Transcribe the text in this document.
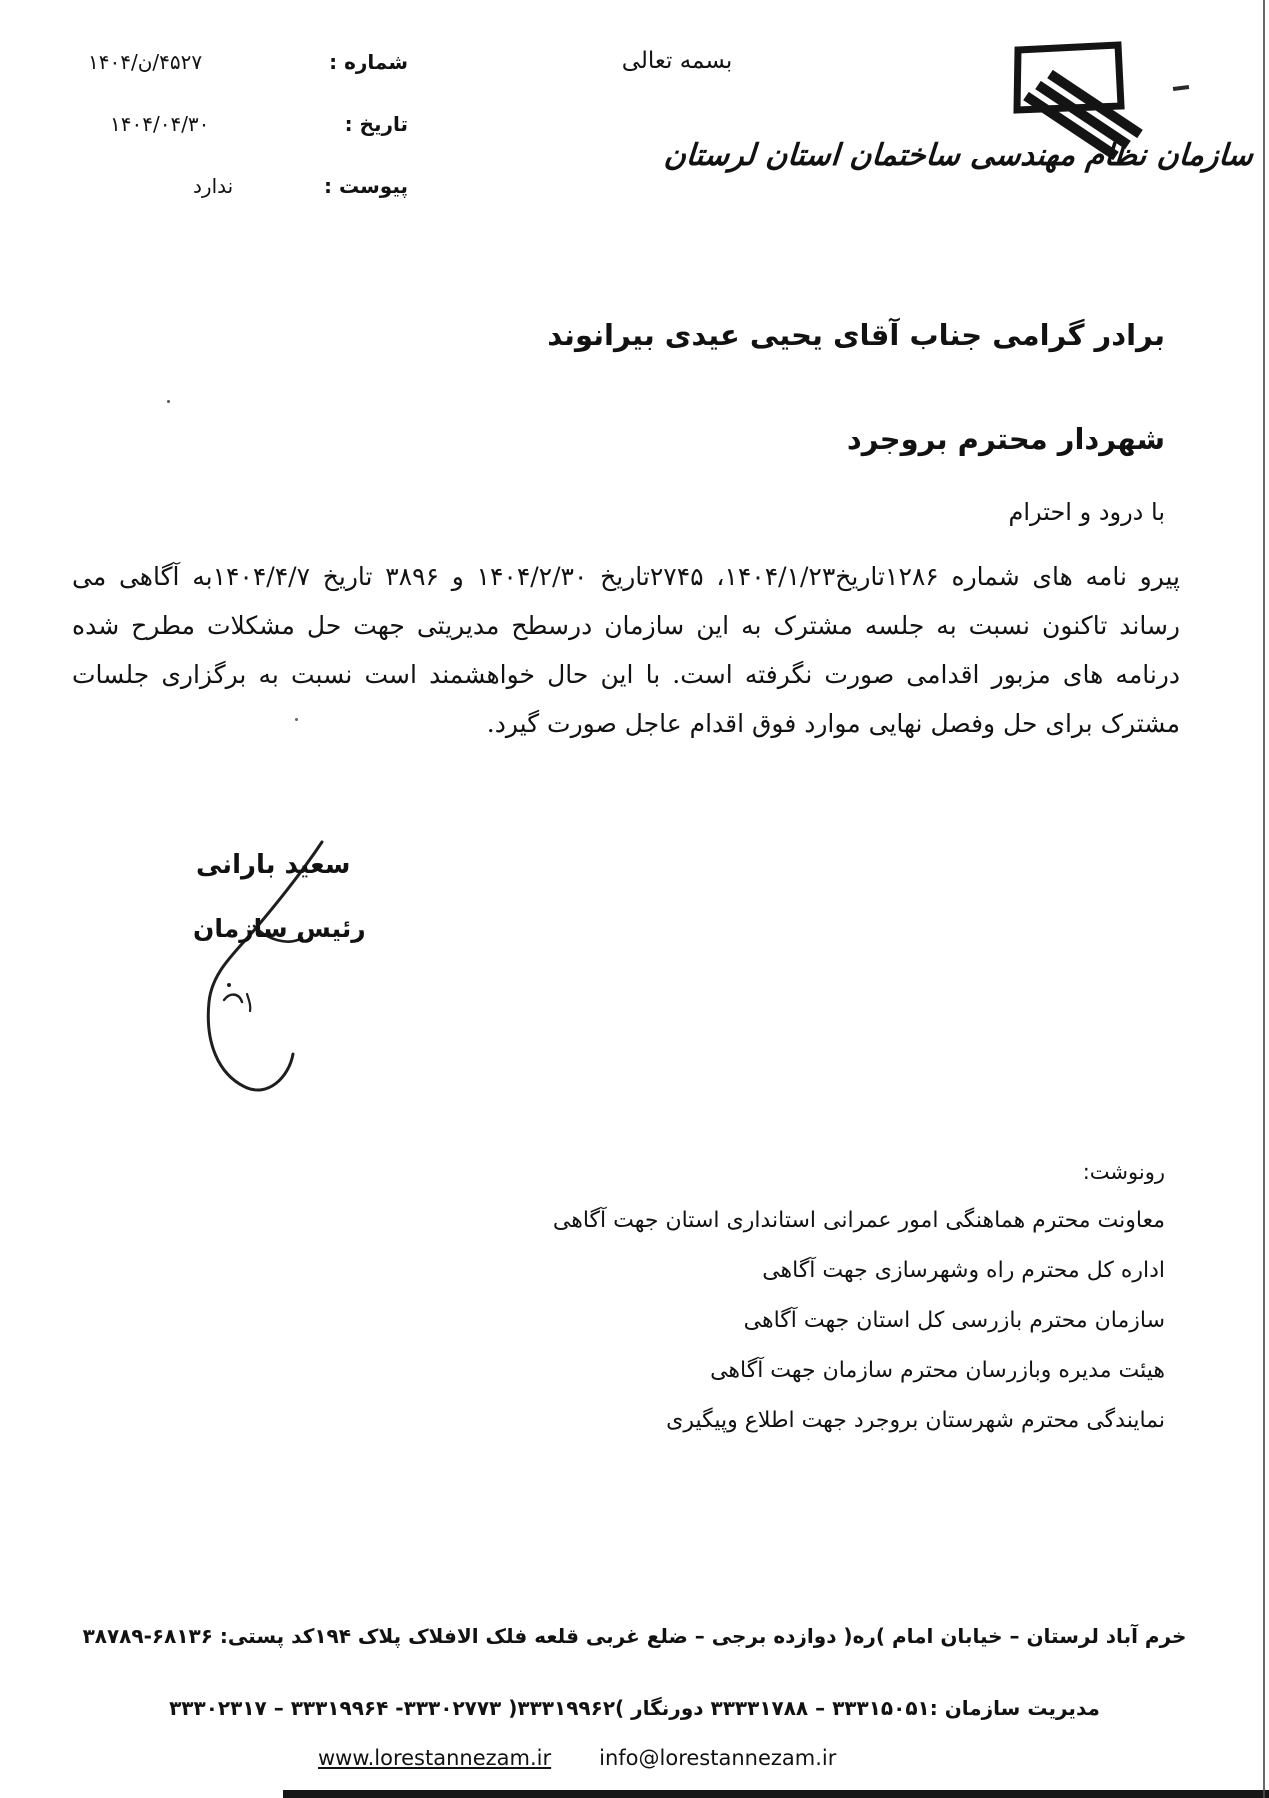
شماره :
۴۵۲۷/ن/۱۴۰۴
تاریخ :
۱۴۰۴/۰۴/۳۰
پیوست :
ندارد
بسمه تعالی
سازمان نظام مهندسی ساختمان استان لرستان
برادر گرامی جناب آقای یحیی عیدی بیرانوند
شهردار محترم بروجرد
با درود و احترام
پیرو نامه های شماره ۱۲۸۶تاریخ۱۴۰۴/۱/۲۳، ۲۷۴۵تاریخ ۱۴۰۴/۲/۳۰ و ۳۸۹۶ تاریخ ۱۴۰۴/۴/۷به آگاهی می رساند تاکنون نسبت به جلسه مشترک به این سازمان درسطح مدیریتی جهت حل مشکلات مطرح شده درنامه های مزبور اقدامی صورت نگرفته است. با این حال خواهشمند است نسبت به برگزاری جلسات مشترک برای حل وفصل نهایی موارد فوق اقدام عاجل صورت گیرد.
سعید بارانی
رئیس سازمان
رونوشت:
معاونت محترم هماهنگی امور عمرانی استانداری استان جهت آگاهی
اداره کل محترم راه وشهرسازی جهت آگاهی
سازمان محترم بازرسی کل استان جهت آگاهی
هیئت مدیره وبازرسان محترم سازمان جهت آگاهی
نمایندگی محترم شهرستان بروجرد جهت اطلاع وپیگیری
خرم آباد لرستان – خیابان امام )ره( دوازده برجی – ضلع غربی قلعه فلک الافلاک پلاک ۱۹۴کد پستی: ۶۸۱۳۶-۳۸۷۸۹
مدیریت سازمان :۳۳۳۱۵۰۵۱ – ۳۳۳۳۱۷۸۸ دورنگار )۳۳۳۱۹۹۶۲( ۳۳۳۰۲۷۷۳- ۳۳۳۱۹۹۶۴ – ۳۳۳۰۲۳۱۷
www.lorestannezam.ir info@lorestannezam.ir
